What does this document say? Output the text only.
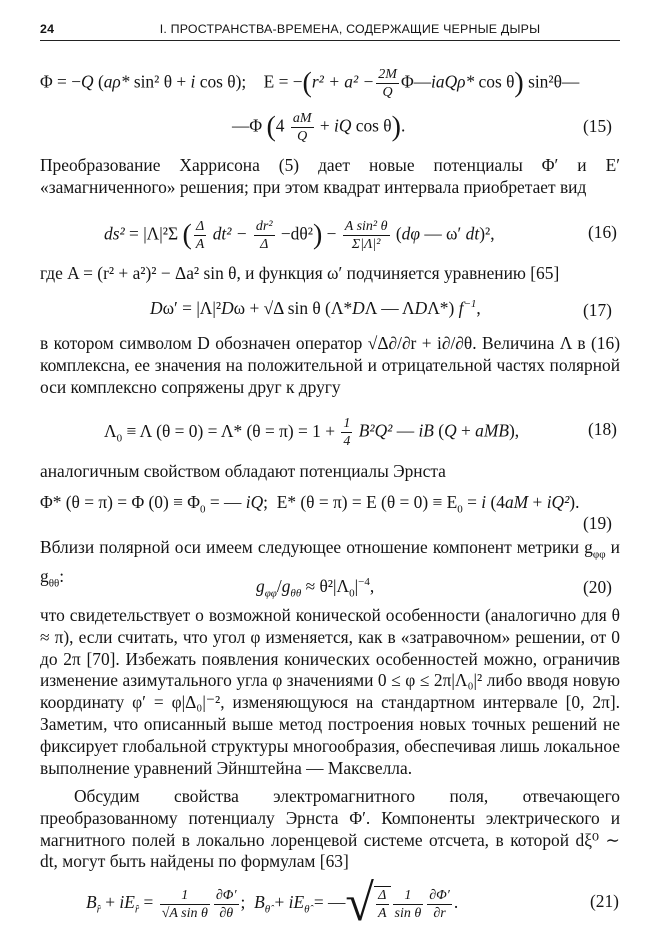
24	I. ПРОСТРАНСТВА-ВРЕМЕНА, СОДЕРЖАЩИЕ ЧЕРНЫЕ ДЫРЫ
Φ = −Q (aρ* sin² θ + i cos θ);    $E = -(r^2 + a^2 - \frac{2M}{Q}$ Φ—iaQρ* cos θ) sin²θ—
—Φ ($4 \frac{aM}{Q}$ + iQ cos θ).	(15)
Преобразование Харрисона (5) дает новые потенциалы Φ′ и E′ «замагниченного» решения; при этом квадрат интервала приобретает вид
ds² = |Λ|²Σ ( $\frac{\Delta}{A} dt^2 - \frac{\text{dr²}}{\Delta} -d\theta^2) - \frac{\text{A sin² θ}}{\text{Σ|Λ|²}} (d\varphi$ — ω′ dt)²,	(16)
где A = (r² + a²)² − Δa² sin θ, и функция ω′ подчиняется уравнению [65]
Dω′ = |Λ|²Dω + √Δ sin θ (Λ*DΛ — ΛDΛ*) $f^{-1}$,	(17)
в котором символом D обозначен оператор √Δ∂/∂r + i∂/∂θ. Величина Λ в (16) комплексна, ее значения на положительной и отрицательной частях полярной оси комплексно сопряжены друг к другу
$\Lambda_0 \equiv \Lambda$ (θ = 0) = Λ* $(\theta = \pi) = 1 + \frac{1}{4} B^2Q^2$ — iB (Q + aMB),	(18)
аналогичным свойством обладают потенциалы Эрнста
Φ* (θ = π) = Φ $(0) \equiv \Phi_0$ = — iQ;  E* (θ = π) = E $(\theta = 0) \equiv E_0 = i$ (4aM + iQ²).
(19)
Вблизи полярной оси имеем следующее отношение компонент метрики $g_{\varphi\varphi}$ и $g_{\theta\theta}$:	$g_{\varphi\varphi}/g_{\theta\theta} \approx \theta^2|\Lambda_0|^{-4}$,	(20)
что свидетельствует о возможной конической особенности (аналогично для θ ≈ π), если считать, что угол φ изменяется, как в «затравочном» решении, от 0 до 2π [70]. Избежать появления конических особенностей можно, ограничив изменение азимутального угла φ значениями 0 ≤ φ ≤ 2π|Λ₀|² либо вводя новую координату φ′ = φ|Δ₀|⁻², изменяющуюся на стандартном интервале [0, 2π]. Заметим, что описанный выше метод построения новых точных решений не фиксирует глобальной структуры многообразия, обеспечивая лишь локальное выполнение уравнений Эйнштейна — Максвелла.
Обсудим свойства электромагнитного поля, отвечающего преобразованному потенциалу Эрнста Φ′. Компоненты электрического и магнитного полей в локально лоренцевой системе отсчета, в которой dξ⁰ ∼ dt, могут быть найдены по формулам [63]
$B_{r̂} + iE_{r̂} = \frac{1}{\text{√A sin θ}} \frac{\partial\Phi'}{\partial\theta}$ ;  $B_{\thetâ} + iE_{\thetâ}$ = —√ $\frac{\Delta}{A} \frac{1}{\text{sin θ}} \frac{\partial\Phi'}{\partial r}$ .	(21)
